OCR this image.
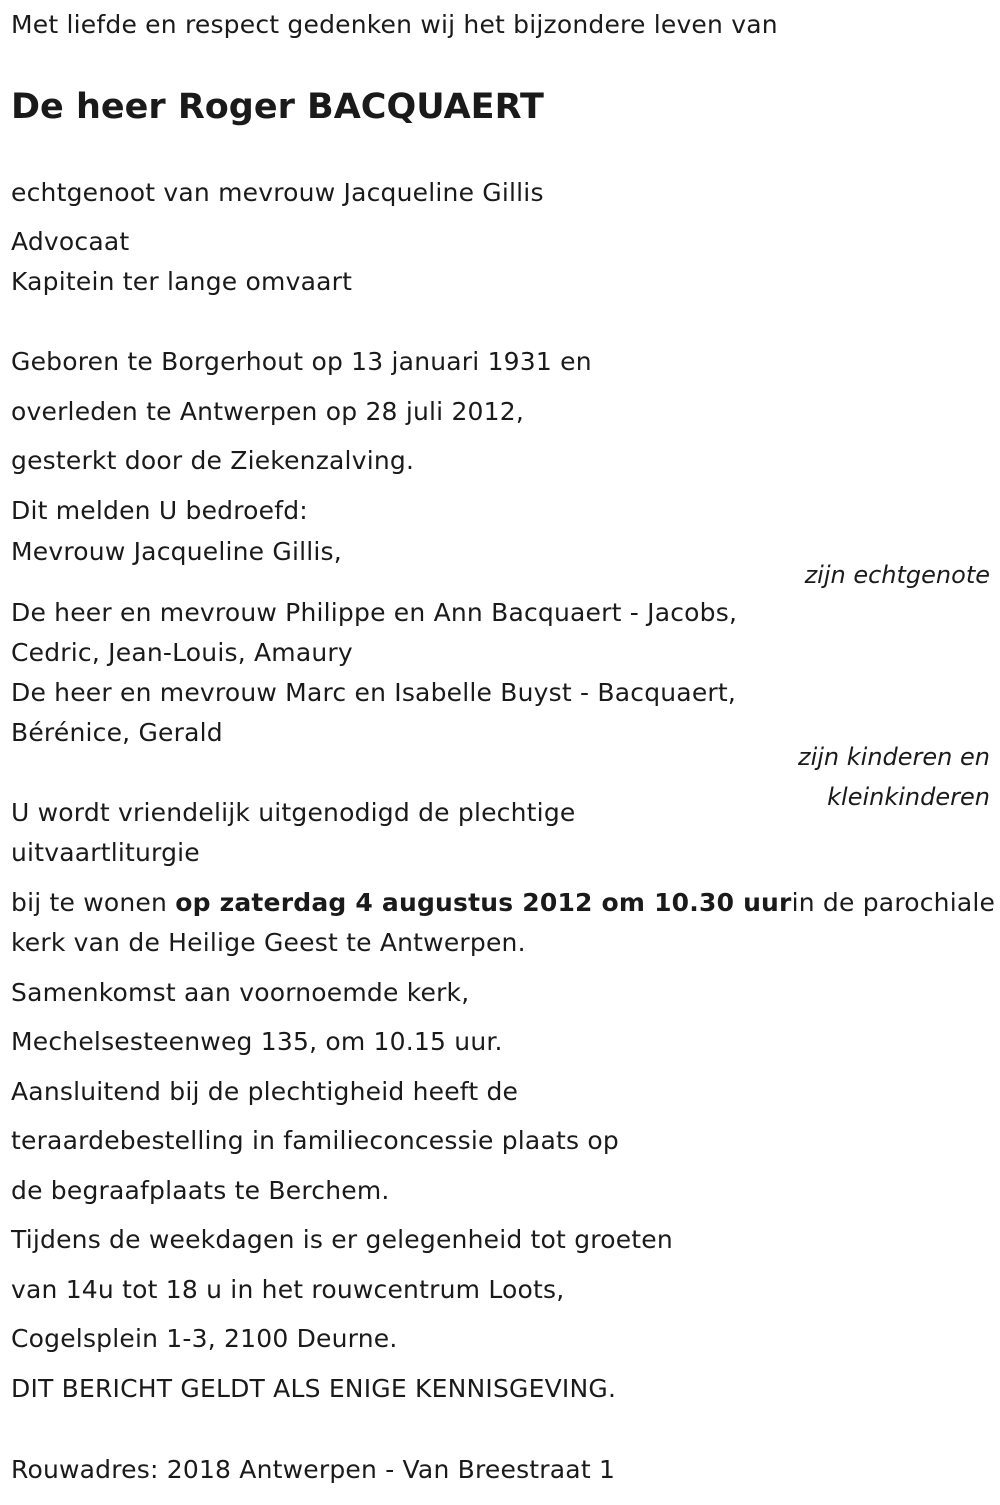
Met liefde en respect gedenken wij het bijzondere leven van
De heer Roger BACQUAERT
echtgenoot van mevrouw Jacqueline Gillis
Advocaat
Kapitein ter lange omvaart
Geboren te Borgerhout op 13 januari 1931 en
overleden te Antwerpen op 28 juli 2012,
gesterkt door de Ziekenzalving.
Dit melden U bedroefd:
Mevrouw Jacqueline Gillis,
zijn echtgenote
De heer en mevrouw Philippe en Ann Bacquaert - Jacobs,
Cedric, Jean-Louis, Amaury
De heer en mevrouw Marc en Isabelle Buyst - Bacquaert,
Bérénice, Gerald
zijn kinderen en
kleinkinderen
U wordt vriendelijk uitgenodigd de plechtige
uitvaartliturgie
bij te wonen op zaterdag 4 augustus 2012 om 10.30 uurin de parochiale
kerk van de Heilige Geest te Antwerpen.
Samenkomst aan voornoemde kerk,
Mechelsesteenweg 135, om 10.15 uur.
Aansluitend bij de plechtigheid heeft de
teraardebestelling in familieconcessie plaats op
de begraafplaats te Berchem.
Tijdens de weekdagen is er gelegenheid tot groeten
van 14u tot 18 u in het rouwcentrum Loots,
Cogelsplein 1-3, 2100 Deurne.
DIT BERICHT GELDT ALS ENIGE KENNISGEVING.
Rouwadres: 2018 Antwerpen - Van Breestraat 1
